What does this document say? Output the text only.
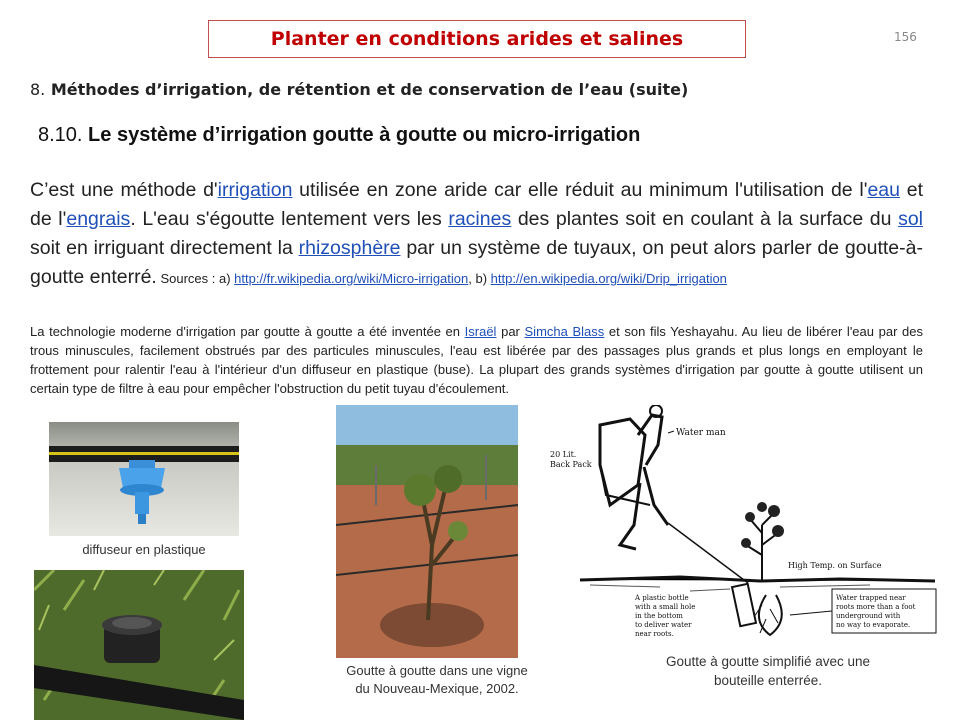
Planter en conditions arides et salines	156
8. Méthodes d’irrigation, de rétention et de conservation de l’eau (suite)
8.10. Le système d’irrigation goutte à goutte ou micro-irrigation
C’est une méthode d'irrigation utilisée en zone aride car elle réduit au minimum l'utilisation de l'eau et de l'engrais. L'eau s'égoutte lentement vers les racines des plantes soit en coulant à la surface du sol soit en irriguant directement la rhizosphère par un système de tuyaux, on peut alors parler de goutte-à-goutte enterré. Sources : a) http://fr.wikipedia.org/wiki/Micro-irrigation, b) http://en.wikipedia.org/wiki/Drip_irrigation
La technologie moderne d'irrigation par goutte à goutte a été inventée en Israël par Simcha Blass et son fils Yeshayahu. Au lieu de libérer l'eau par des trous minuscules, facilement obstrués par des particules minuscules, l'eau est libérée par des passages plus grands et plus longs en employant le frottement pour ralentir l'eau à l'intérieur d'un diffuseur en plastique (buse). La plupart des grands systèmes d'irrigation par goutte à goutte utilisent un certain type de filtre à eau pour empêcher l'obstruction du petit tuyau d'écoulement.
diffuseur en plastique
Goutte à goutte dans une vigne
du Nouveau-Mexique, 2002.
20 Lit.
Back Pack
Water man
High Temp. on Surface
A plastic bottle
with a small hole
in the bottom
to deliver water
near roots.
Water trapped near
roots more than a foot
underground with
no way to evaporate.
Goutte à goutte simplifié avec une
bouteille enterrée.
